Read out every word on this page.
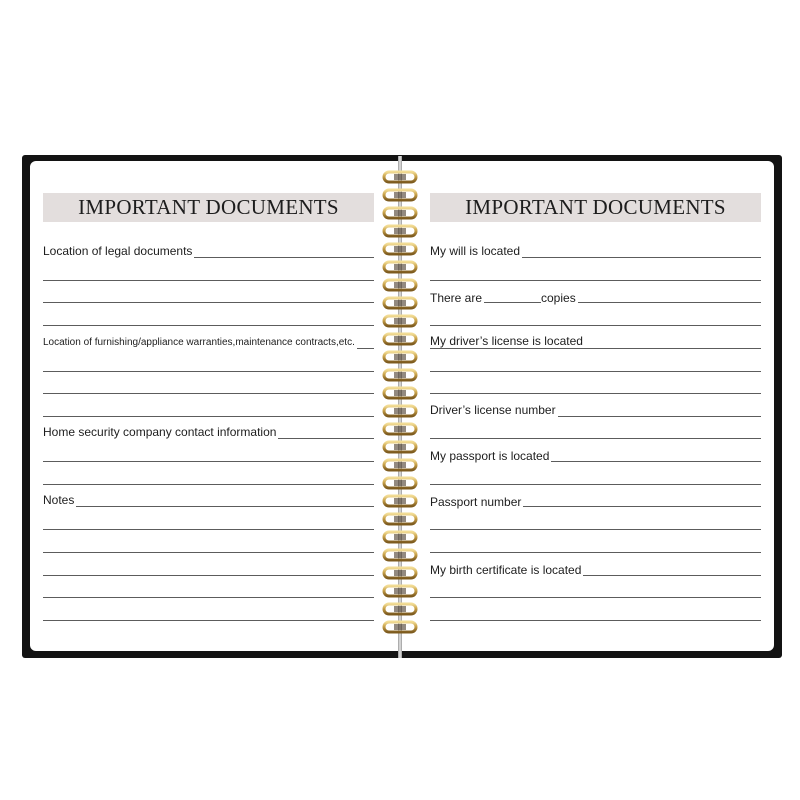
IMPORTANT DOCUMENTS
Location of legal documents
Location of furnishing/appliance warranties,maintenance contracts,etc.
Home security company contact information
Notes
IMPORTANT DOCUMENTS
My will is located
There are	copies
My driver’s license is located
Driver’s license number
My passport is located
Passport number
My birth certificate is located
